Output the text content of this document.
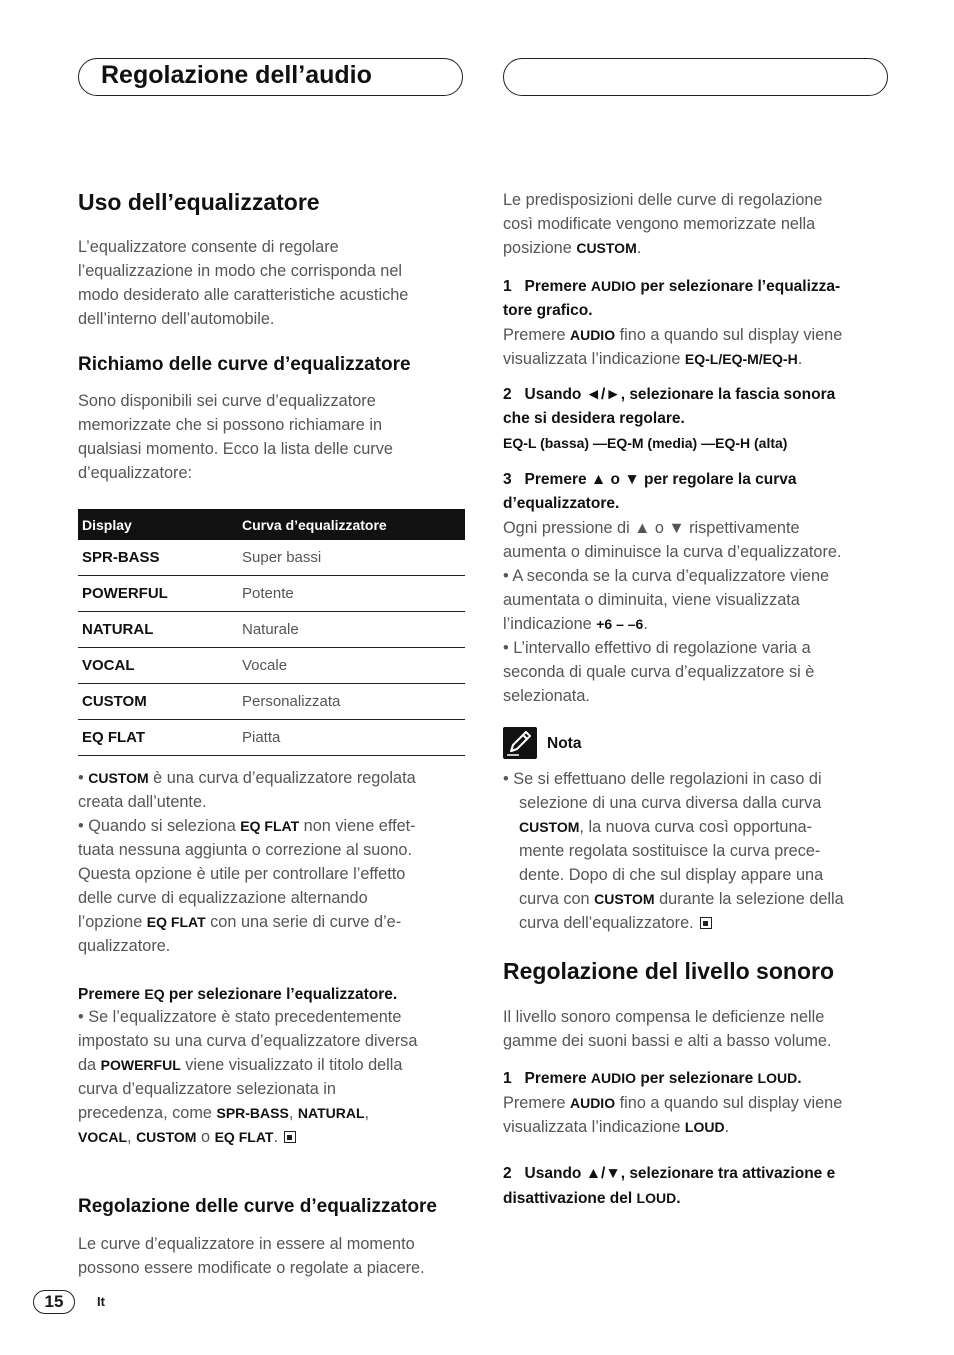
Regolazione dell’audio
Uso dell’equalizzatore
L’equalizzatore consente di regolare
l’equalizzazione in modo che corrisponda nel
modo desiderato alle caratteristiche acustiche
dell’interno dell’automobile.
Richiamo delle curve d’equalizzatore
Sono disponibili sei curve d’equalizzatore
memorizzate che si possono richiamare in
qualsiasi momento. Ecco la lista delle curve
d’equalizzatore:
Display	Curva d’equalizzatore
SPR-BASS	Super bassi
POWERFUL	Potente
NATURAL	Naturale
VOCAL	Vocale
CUSTOM	Personalizzata
EQ FLAT	Piatta
• CUSTOM è una curva d’equalizzatore regolata
creata dall’utente.
• Quando si seleziona EQ FLAT non viene effet-
tuata nessuna aggiunta o correzione al suono.
Questa opzione è utile per controllare l’effetto
delle curve di equalizzazione alternando
l’opzione EQ FLAT con una serie di curve d’e-
qualizzatore.
Premere EQ per selezionare l’equalizzatore.
• Se l’equalizzatore è stato precedentemente
impostato su una curva d’equalizzatore diversa
da POWERFUL viene visualizzato il titolo della
curva d’equalizzatore selezionata in
precedenza, come SPR-BASS, NATURAL,
VOCAL, CUSTOM o EQ FLAT.
Regolazione delle curve d’equalizzatore
Le curve d’equalizzatore in essere al momento
possono essere modificate o regolate a piacere.
Le predisposizioni delle curve di regolazione
così modificate vengono memorizzate nella
posizione CUSTOM.
1 Premere AUDIO per selezionare l’equalizza-
tore grafico.
Premere AUDIO fino a quando sul display viene
visualizzata l’indicazione EQ-L/EQ-M/EQ-H.
2 Usando ◄/►, selezionare la fascia sonora
che si desidera regolare.
EQ-L (bassa) —EQ-M (media) —EQ-H (alta)
3 Premere ▲ o ▼ per regolare la curva
d’equalizzatore.
Ogni pressione di ▲ o ▼ rispettivamente
aumenta o diminuisce la curva d’equalizzatore.
• A seconda se la curva d’equalizzatore viene
aumentata o diminuita, viene visualizzata
l’indicazione +6 – –6.
• L’intervallo effettivo di regolazione varia a
seconda di quale curva d’equalizzatore si è
selezionata.
Nota
• Se si effettuano delle regolazioni in caso di
selezione di una curva diversa dalla curva
CUSTOM, la nuova curva così opportuna-
mente regolata sostituisce la curva prece-
dente. Dopo di che sul display appare una
curva con CUSTOM durante la selezione della
curva dell’equalizzatore.
Regolazione del livello sonoro
Il livello sonoro compensa le deficienze nelle
gamme dei suoni bassi e alti a basso volume.
1 Premere AUDIO per selezionare LOUD.
Premere AUDIO fino a quando sul display viene
visualizzata l’indicazione LOUD.
2 Usando ▲/▼, selezionare tra attivazione e
disattivazione del LOUD.
15	It
